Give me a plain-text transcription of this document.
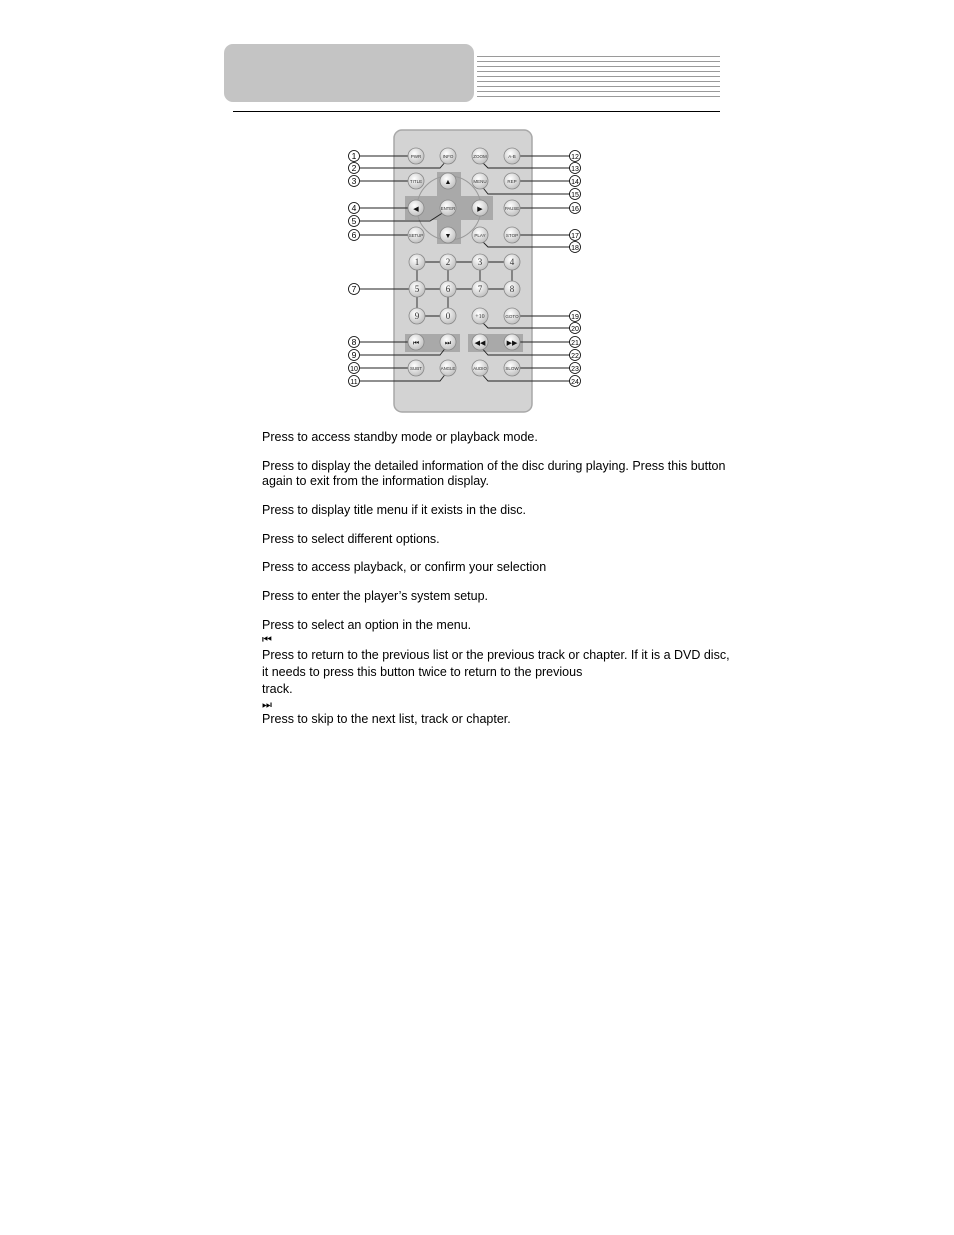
PWR	INFO	ZOOM	A-B
TITLE	▲	MENU	REP
◀	ENTER	▶	PAUSE
SETUP	▼	PLAY	STOP
1	2	3	4
5	6	7	8
9	0	+10	GOTO
⏮	⏭	◀◀	▶▶
SUBT	ANGLE	AUDIO	SLOW
1
2
3
4
5
6
7
8
9
10
11
12
13
14
15
16
17
18
19
20
21
22
23
24

Press to access standby mode or playback mode.

Press to display the detailed information of the disc during playing. Press this button

again to exit from the information display.

Press to display title menu if it exists in the disc.

Press to select different options.

Press to access playback, or confirm your selection

Press to enter the player’s system setup.

Press to select an option in the menu.

⏮

Press to return to the previous list or the previous track or chapter. If it is a DVD disc,

it needs to press this button twice to return to the previous

track.

⏭

Press to skip to the next list, track or chapter.
